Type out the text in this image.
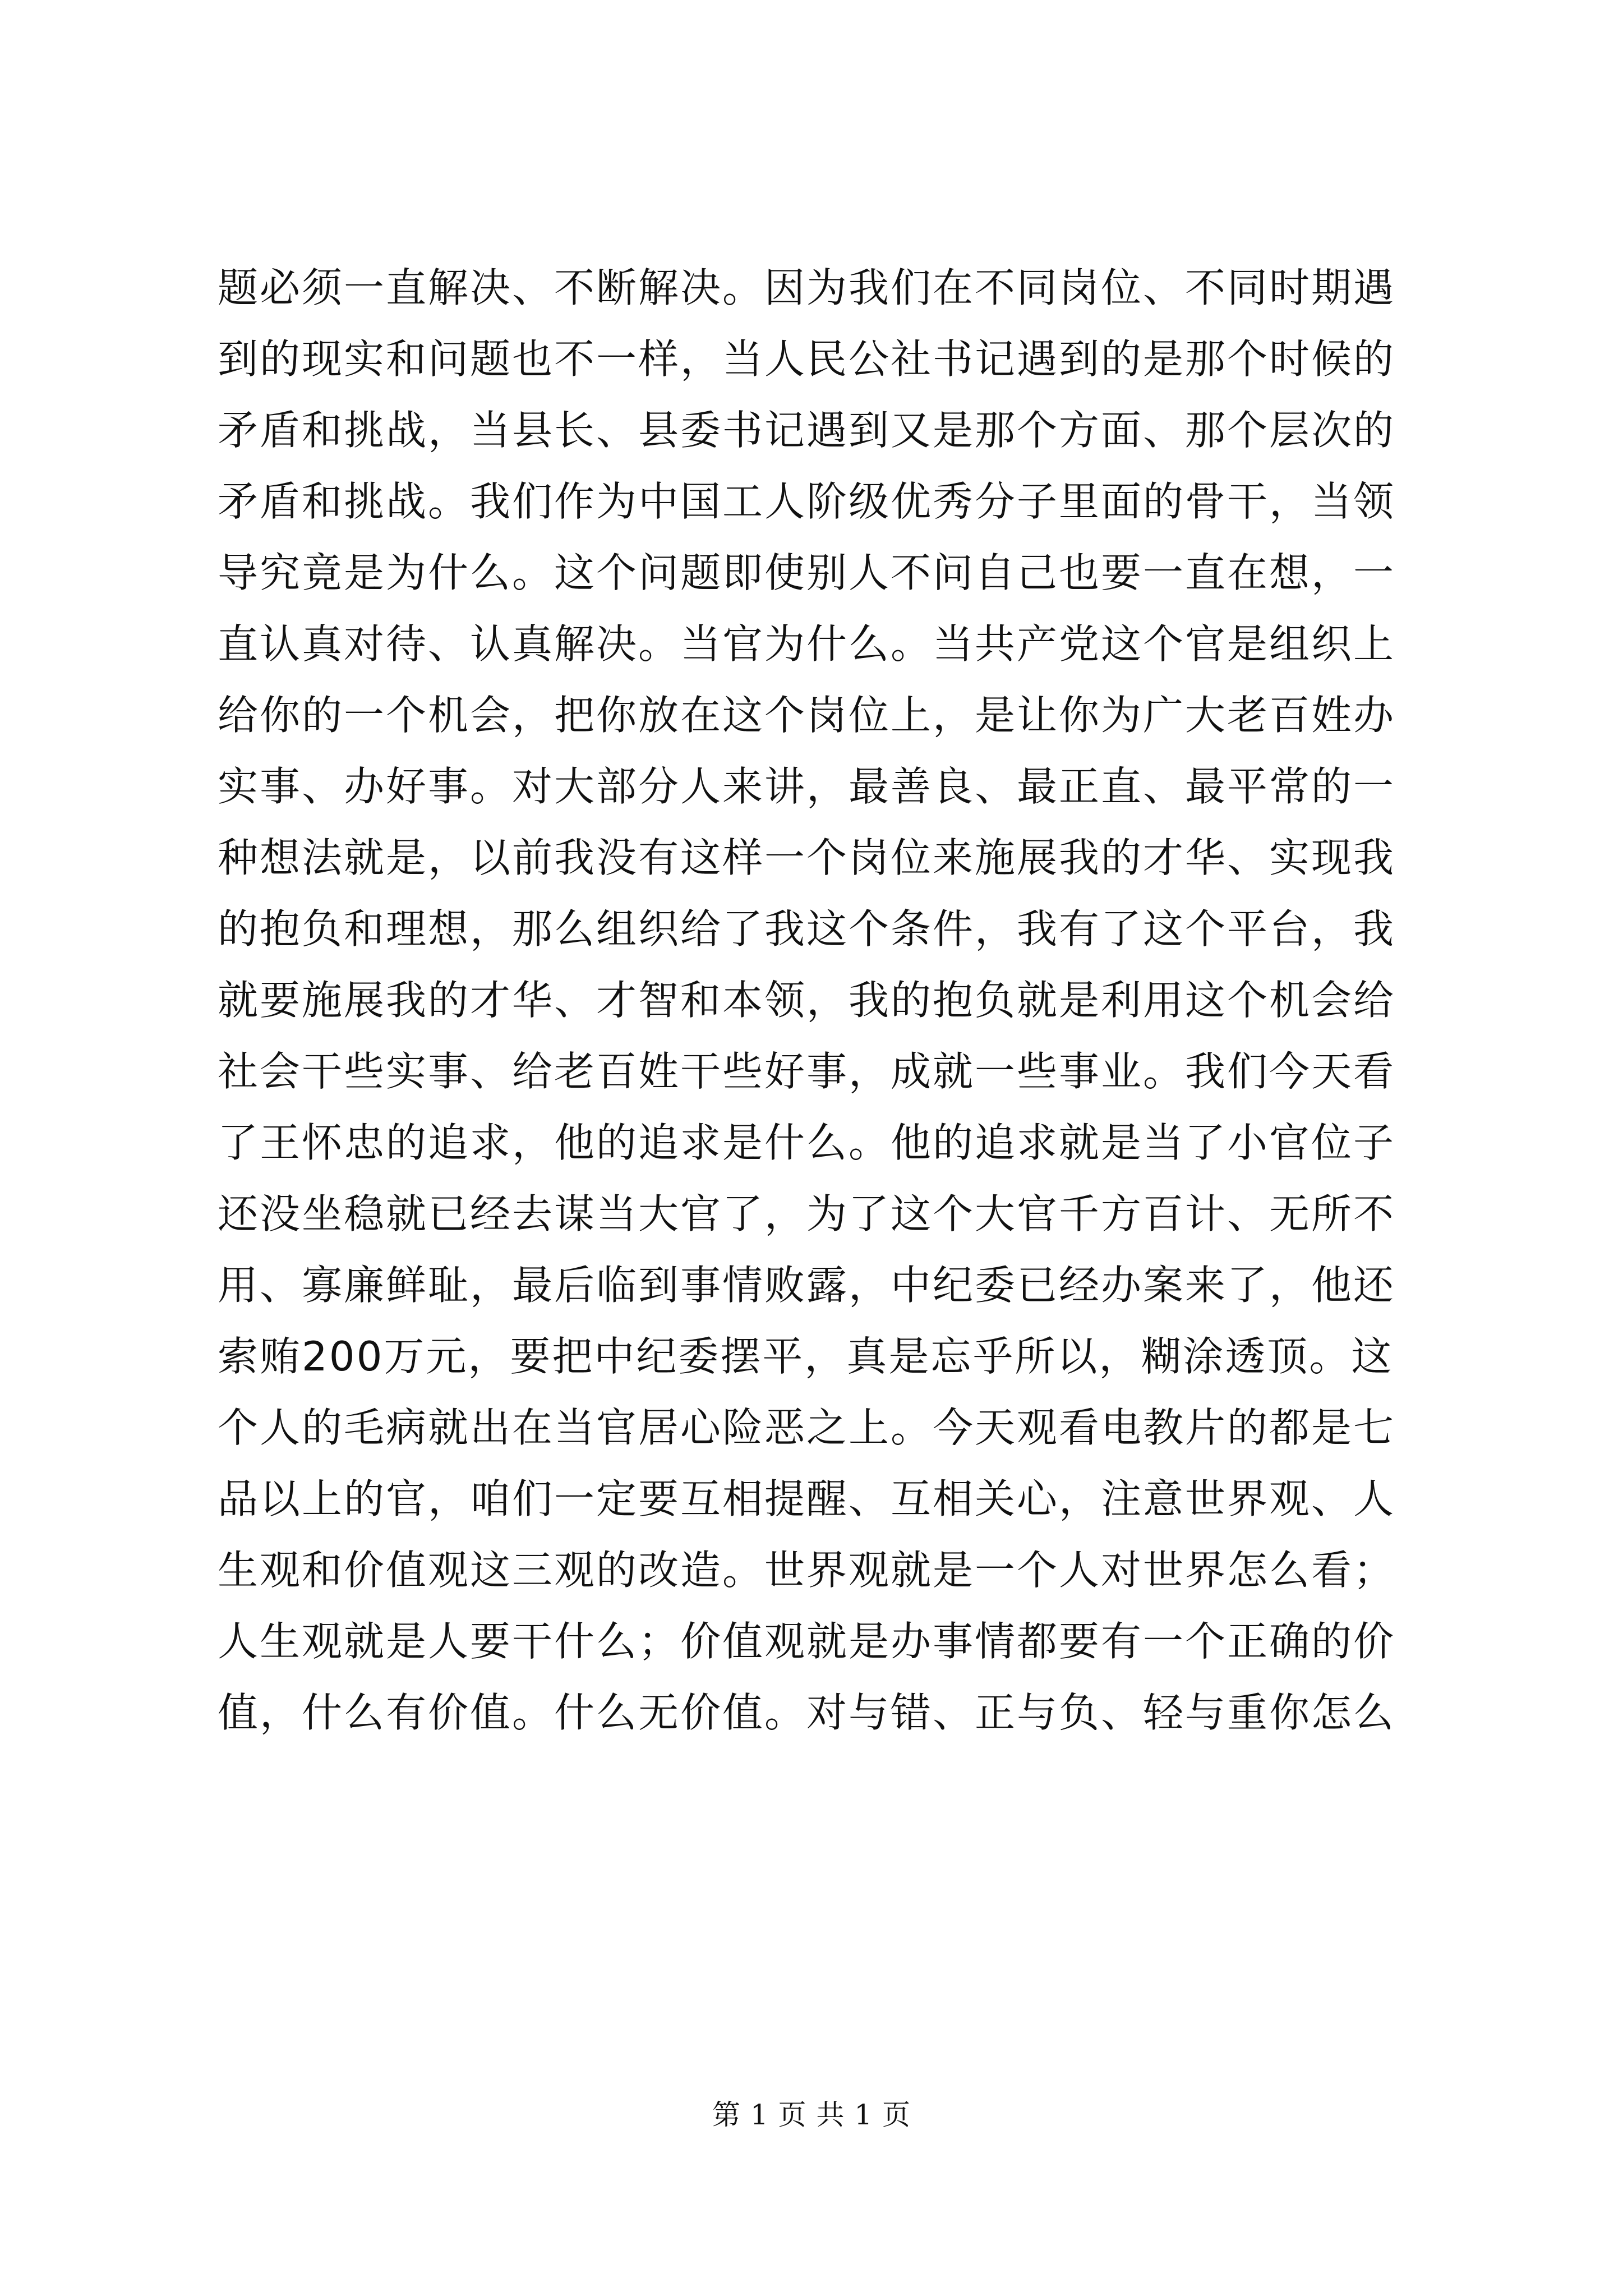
题必须一直解决、不断解决。因为我们在不同岗位、不同时期遇
到的现实和问题也不一样，当人民公社书记遇到的是那个时候的
矛盾和挑战，当县长、县委书记遇到又是那个方面、那个层次的
矛盾和挑战。我们作为中国工人阶级优秀分子里面的骨干，当领
导究竟是为什么。这个问题即使别人不问自己也要一直在想，一
直认真对待、认真解决。当官为什么。当共产党这个官是组织上
给你的一个机会，把你放在这个岗位上，是让你为广大老百姓办
实事、办好事。对大部分人来讲，最善良、最正直、最平常的一
种想法就是，以前我没有这样一个岗位来施展我的才华、实现我
的抱负和理想，那么组织给了我这个条件，我有了这个平台，我
就要施展我的才华、才智和本领，我的抱负就是利用这个机会给
社会干些实事、给老百姓干些好事，成就一些事业。我们今天看
了王怀忠的追求，他的追求是什么。他的追求就是当了小官位子
还没坐稳就已经去谋当大官了，为了这个大官千方百计、无所不
用、寡廉鲜耻，最后临到事情败露，中纪委已经办案来了，他还
索贿200万元，要把中纪委摆平，真是忘乎所以，糊涂透顶。这
个人的毛病就出在当官居心险恶之上。今天观看电教片的都是七
品以上的官，咱们一定要互相提醒、互相关心，注意世界观、人
生观和价值观这三观的改造。世界观就是一个人对世界怎么看；
人生观就是人要干什么；价值观就是办事情都要有一个正确的价
值，什么有价值。什么无价值。对与错、正与负、轻与重你怎么
第 1 页 共 1 页
